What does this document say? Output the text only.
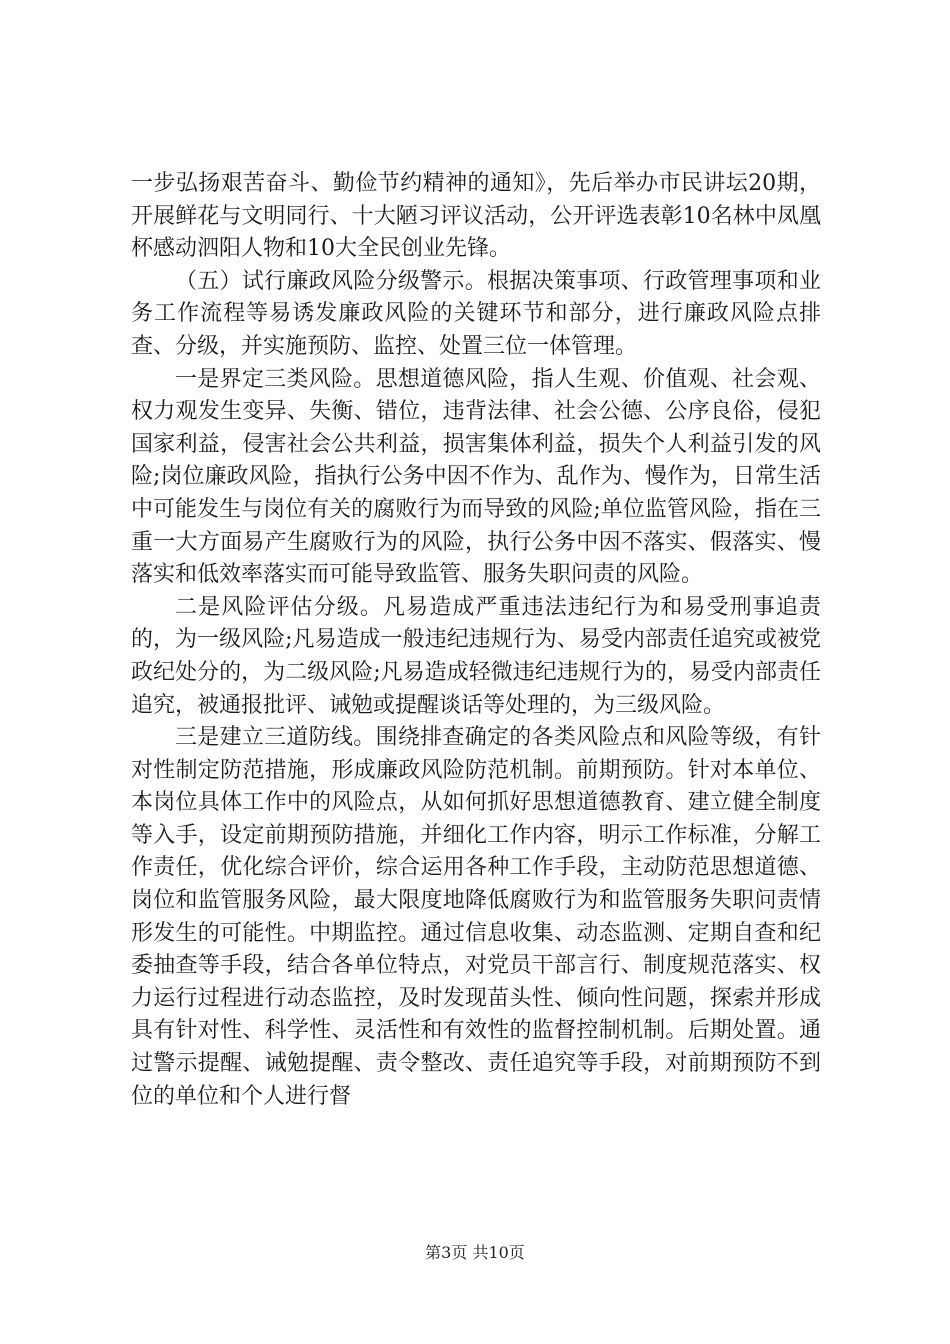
一步弘扬艰苦奋斗、勤俭节约精神的通知》，先后举办市民讲坛20期，开展鲜花与文明同行、十大陋习评议活动，公开评选表彰10名林中凤凰杯感动泗阳人物和10大全民创业先锋。

（五）试行廉政风险分级警示。根据决策事项、行政管理事项和业务工作流程等易诱发廉政风险的关键环节和部分，进行廉政风险点排查、分级，并实施预防、监控、处置三位一体管理。

一是界定三类风险。思想道德风险，指人生观、价值观、社会观、权力观发生变异、失衡、错位，违背法律、社会公德、公序良俗，侵犯国家利益，侵害社会公共利益，损害集体利益，损失个人利益引发的风险;岗位廉政风险，指执行公务中因不作为、乱作为、慢作为，日常生活中可能发生与岗位有关的腐败行为而导致的风险;单位监管风险，指在三重一大方面易产生腐败行为的风险，执行公务中因不落实、假落实、慢落实和低效率落实而可能导致监管、服务失职问责的风险。

二是风险评估分级。凡易造成严重违法违纪行为和易受刑事追责的，为一级风险;凡易造成一般违纪违规行为、易受内部责任追究或被党政纪处分的，为二级风险;凡易造成轻微违纪违规行为的，易受内部责任追究，被通报批评、诫勉或提醒谈话等处理的，为三级风险。

三是建立三道防线。围绕排查确定的各类风险点和风险等级，有针对性制定防范措施，形成廉政风险防范机制。前期预防。针对本单位、本岗位具体工作中的风险点，从如何抓好思想道德教育、建立健全制度等入手，设定前期预防措施，并细化工作内容，明示工作标准，分解工作责任，优化综合评价，综合运用各种工作手段，主动防范思想道德、岗位和监管服务风险，最大限度地降低腐败行为和监管服务失职问责情形发生的可能性。中期监控。通过信息收集、动态监测、定期自查和纪委抽查等手段，结合各单位特点，对党员干部言行、制度规范落实、权力运行过程进行动态监控，及时发现苗头性、倾向性问题，探索并形成具有针对性、科学性、灵活性和有效性的监督控制机制。后期处置。通过警示提醒、诫勉提醒、责令整改、责任追究等手段，对前期预防不到位的单位和个人进行督

第3页 共10页
